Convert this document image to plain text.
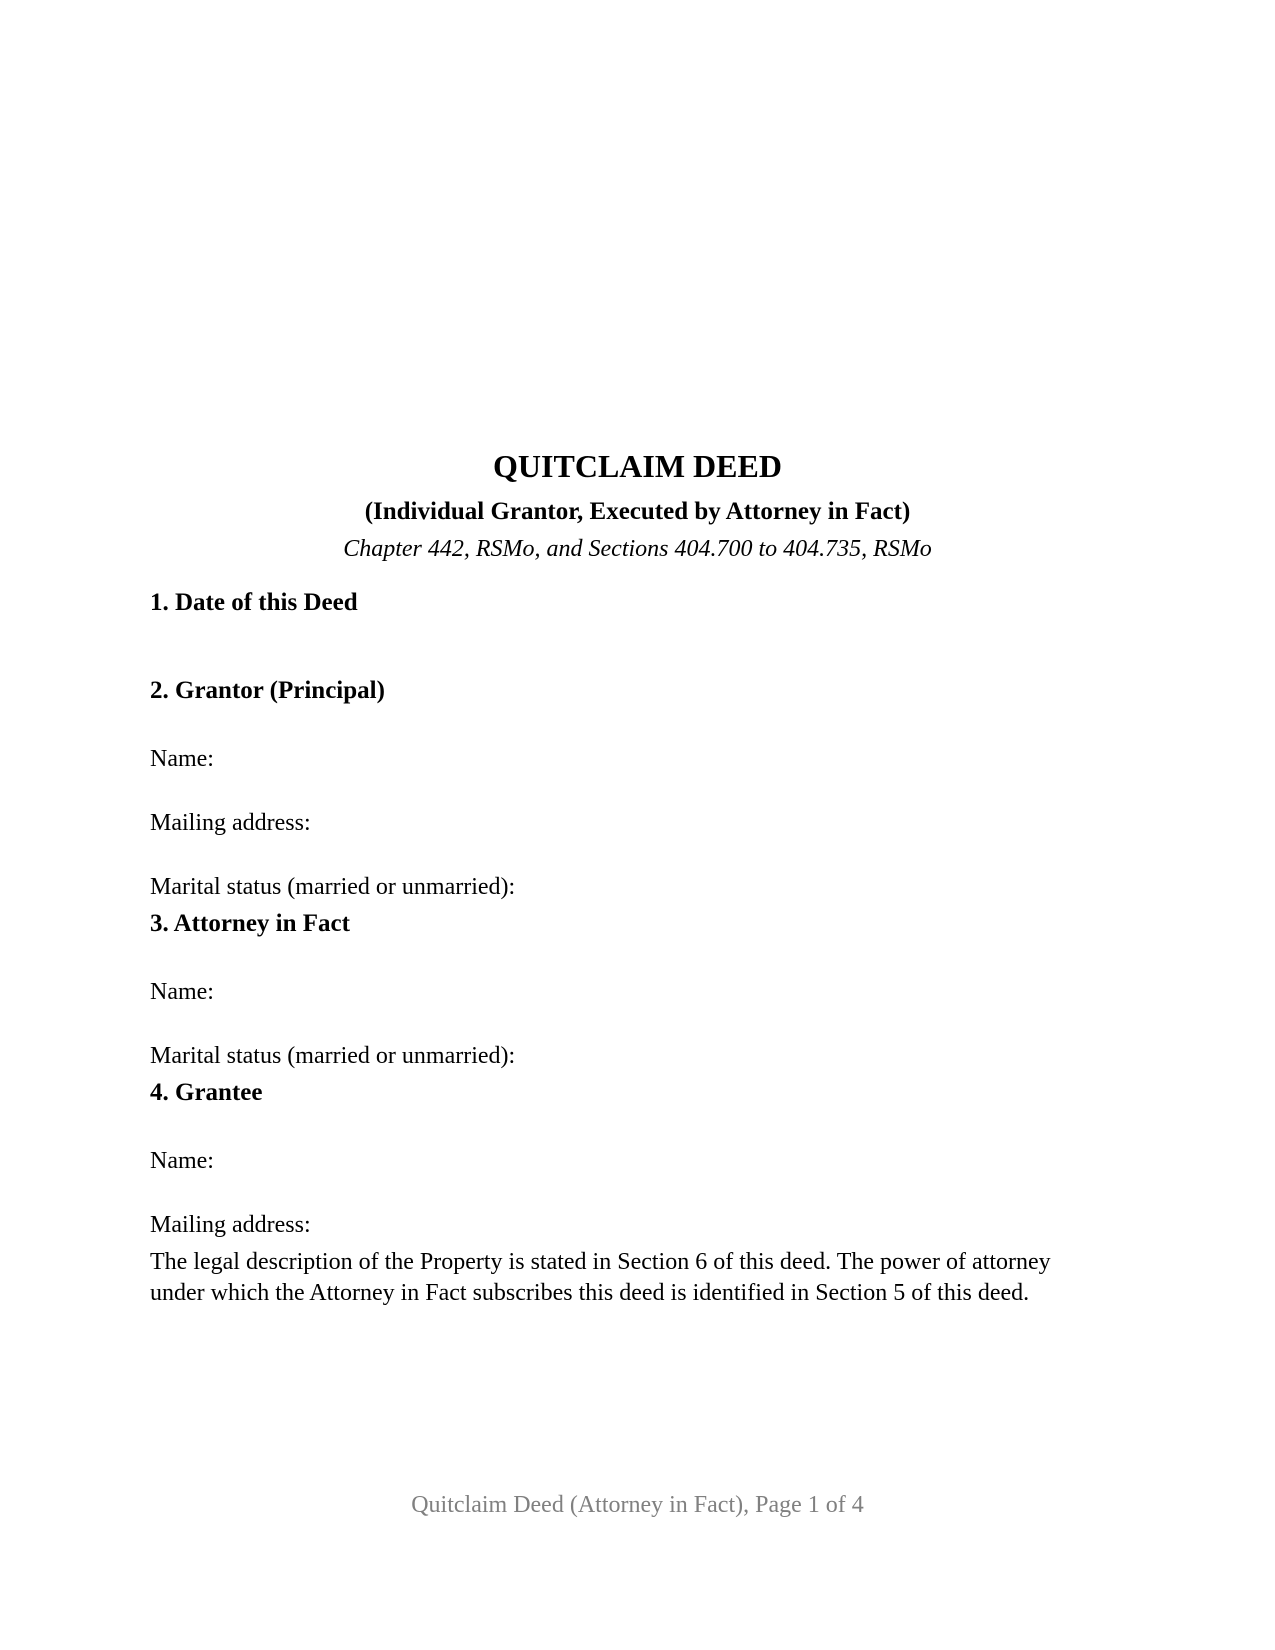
QUITCLAIM DEED
(Individual Grantor, Executed by Attorney in Fact)
Chapter 442, RSMo, and Sections 404.700 to 404.735, RSMo
1. Date of this Deed
2. Grantor (Principal)
Name:
Mailing address:
Marital status (married or unmarried):
3. Attorney in Fact
Name:
Marital status (married or unmarried):
4. Grantee
Name:
Mailing address:
The legal description of the Property is stated in Section 6 of this deed. The power of attorney under which the Attorney in Fact subscribes this deed is identified in Section 5 of this deed.
Quitclaim Deed (Attorney in Fact), Page 1 of 4
